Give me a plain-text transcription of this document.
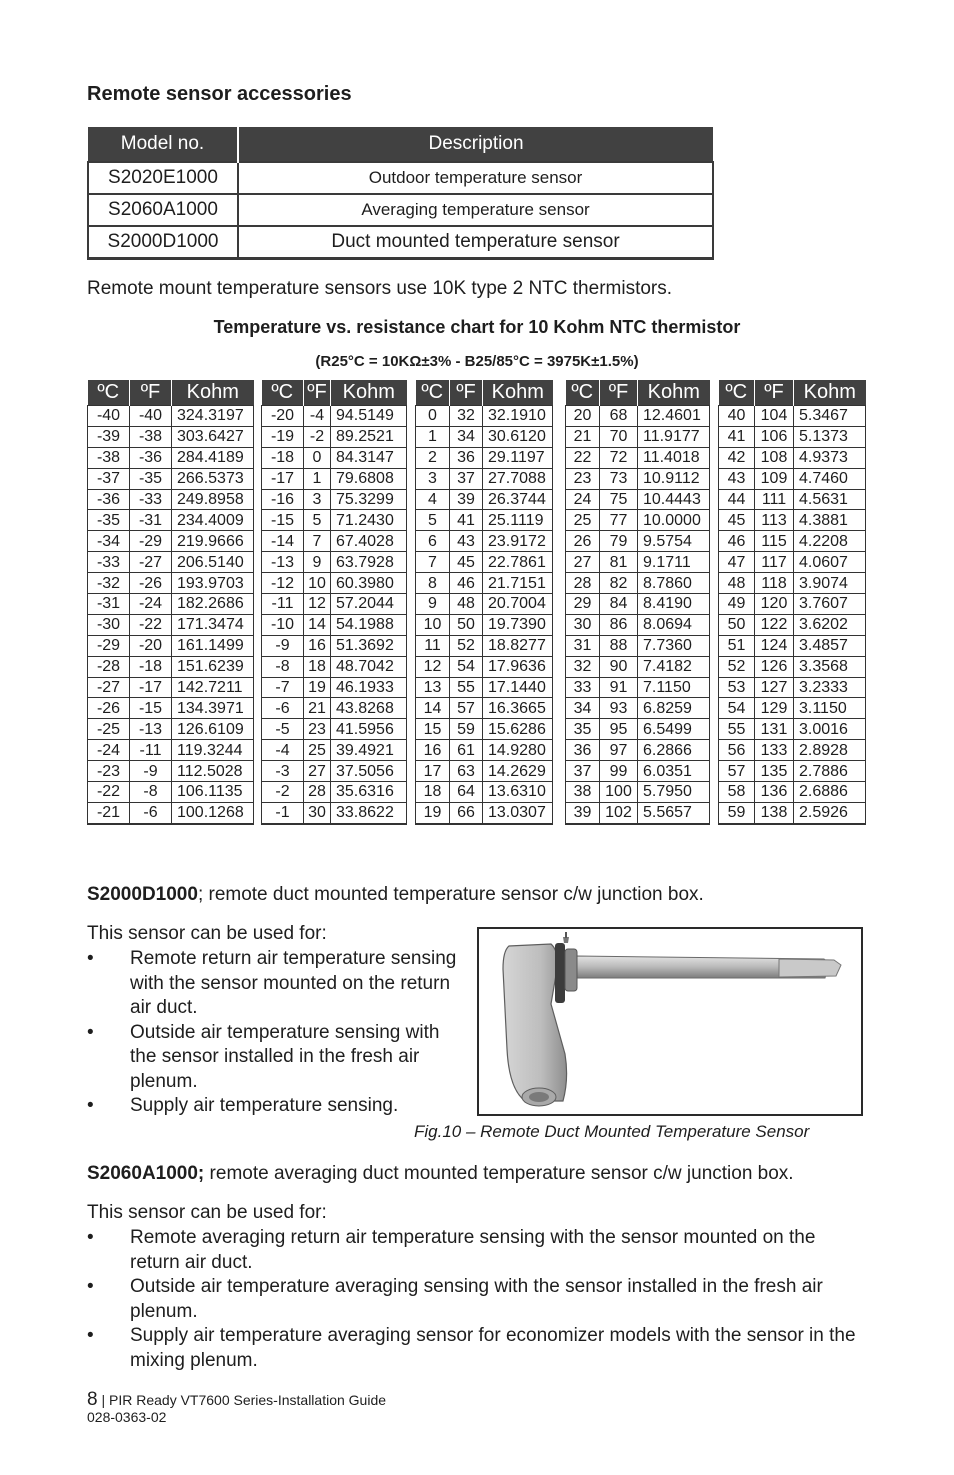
Remote sensor accessories
Model no.	Description
S2020E1000	Outdoor temperature sensor
S2060A1000	Averaging temperature sensor
S2000D1000	Duct mounted temperature sensor
Remote mount temperature sensors use 10K type 2 NTC thermistors.
Temperature vs. resistance chart for 10 Kohm NTC thermistor
(R25°C = 10KΩ±3% - B25/85°C = 3975K±1.5%)
ºC	ºF	Kohm
-40	-40	324.3197
-39	-38	303.6427
-38	-36	284.4189
-37	-35	266.5373
-36	-33	249.8958
-35	-31	234.4009
-34	-29	219.9666
-33	-27	206.5140
-32	-26	193.9703
-31	-24	182.2686
-30	-22	171.3474
-29	-20	161.1499
-28	-18	151.6239
-27	-17	142.7211
-26	-15	134.3971
-25	-13	126.6109
-24	-11	119.3244
-23	-9	112.5028
-22	-8	106.1135
-21	-6	100.1268
ºC	ºF	Kohm
-20	-4	94.5149
-19	-2	89.2521
-18	0	84.3147
-17	1	79.6808
-16	3	75.3299
-15	5	71.2430
-14	7	67.4028
-13	9	63.7928
-12	10	60.3980
-11	12	57.2044
-10	14	54.1988
-9	16	51.3692
-8	18	48.7042
-7	19	46.1933
-6	21	43.8268
-5	23	41.5956
-4	25	39.4921
-3	27	37.5056
-2	28	35.6316
-1	30	33.8622
ºC	ºF	Kohm
0	32	32.1910
1	34	30.6120
2	36	29.1197
3	37	27.7088
4	39	26.3744
5	41	25.1119
6	43	23.9172
7	45	22.7861
8	46	21.7151
9	48	20.7004
10	50	19.7390
11	52	18.8277
12	54	17.9636
13	55	17.1440
14	57	16.3665
15	59	15.6286
16	61	14.9280
17	63	14.2629
18	64	13.6310
19	66	13.0307
ºC	ºF	Kohm
20	68	12.4601
21	70	11.9177
22	72	11.4018
23	73	10.9112
24	75	10.4443
25	77	10.0000
26	79	9.5754
27	81	9.1711
28	82	8.7860
29	84	8.4190
30	86	8.0694
31	88	7.7360
32	90	7.4182
33	91	7.1150
34	93	6.8259
35	95	6.5499
36	97	6.2866
37	99	6.0351
38	100	5.7950
39	102	5.5657
ºC	ºF	Kohm
40	104	5.3467
41	106	5.1373
42	108	4.9373
43	109	4.7460
44	111	4.5631
45	113	4.3881
46	115	4.2208
47	117	4.0607
48	118	3.9074
49	120	3.7607
50	122	3.6202
51	124	3.4857
52	126	3.3568
53	127	3.2333
54	129	3.1150
55	131	3.0016
56	133	2.8928
57	135	2.7886
58	136	2.6886
59	138	2.5926
S2000D1000; remote duct mounted temperature sensor c/w junction box.
This sensor can be used for:
• Remote return air temperature sensing with the sensor mounted on the return air duct.
• Outside air temperature sensing with the sensor installed in the fresh air plenum.
• Supply air temperature sensing.
Fig.10 – Remote Duct Mounted Temperature Sensor
S2060A1000; remote averaging duct mounted temperature sensor c/w junction box.
This sensor can be used for:
• Remote averaging return air temperature sensing with the sensor mounted on the return air duct.
• Outside air temperature averaging sensing with the sensor installed in the fresh air plenum.
• Supply air temperature averaging sensor for economizer models with the sensor in the mixing plenum.
8 | PIR Ready VT7600 Series-Installation Guide
028-0363-02
